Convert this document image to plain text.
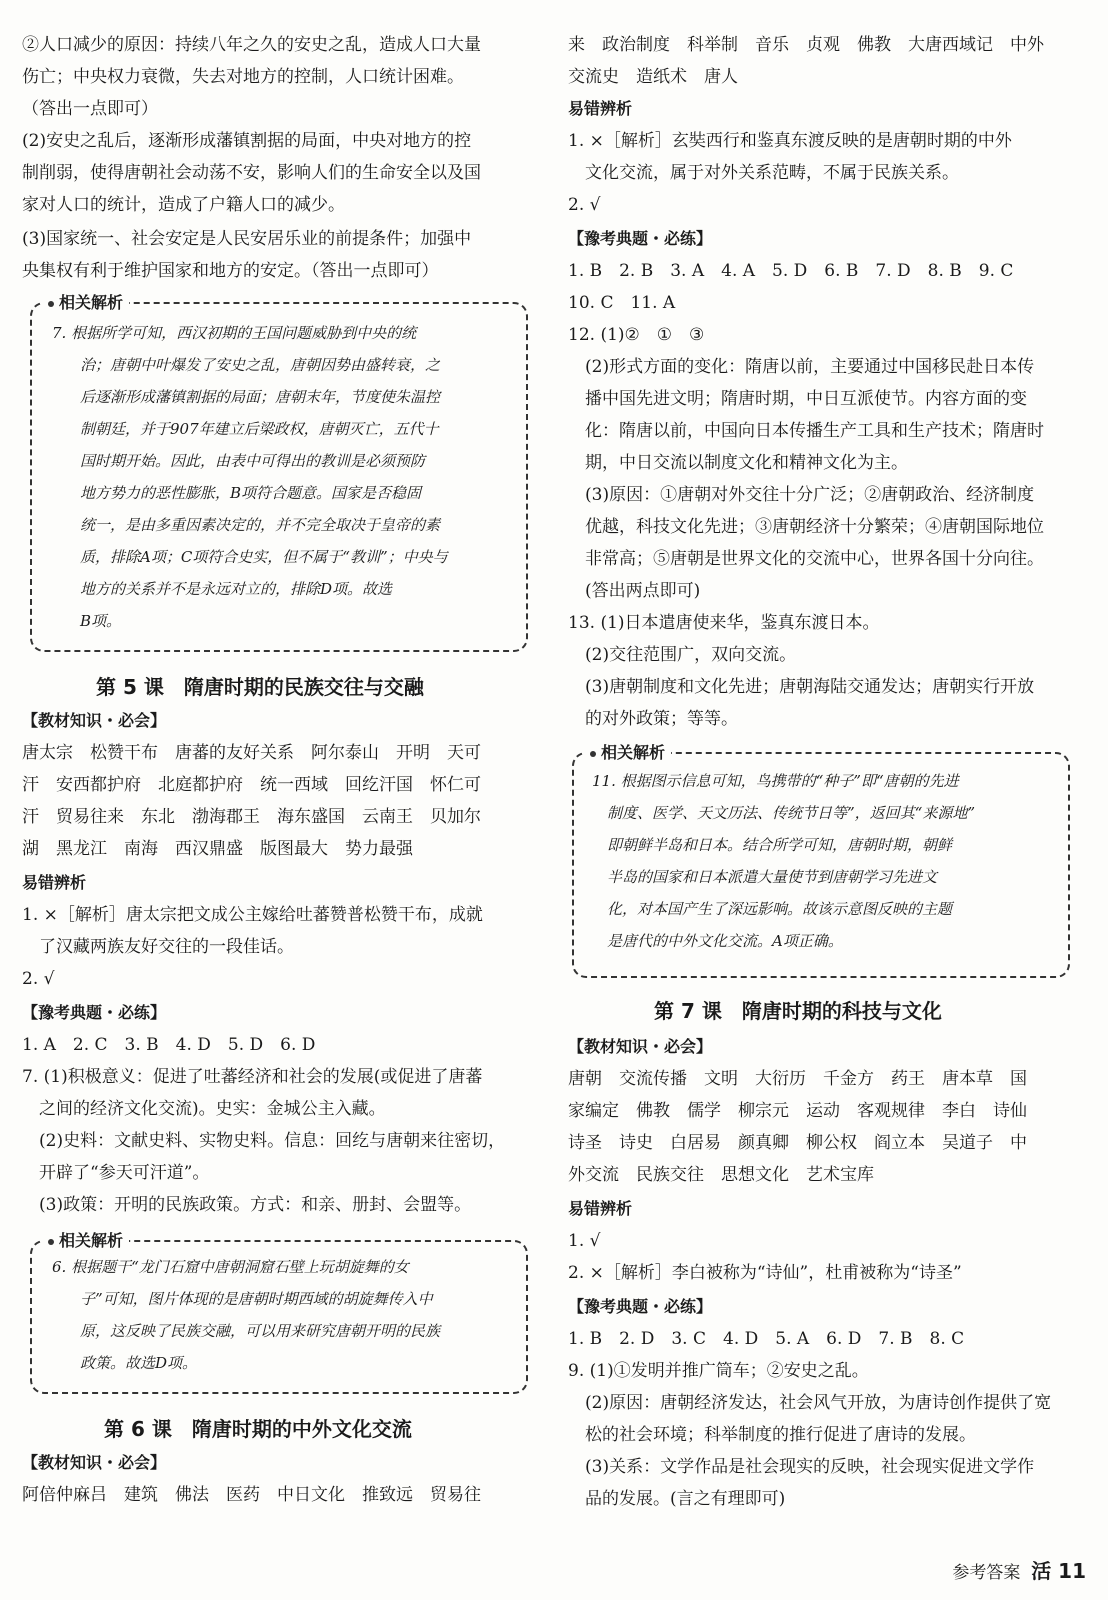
②人口减少的原因：持续八年之久的安史之乱，造成人口大量
伤亡；中央权力衰微，失去对地方的控制，人口统计困难。
（答出一点即可）
(2)安史之乱后，逐渐形成藩镇割据的局面，中央对地方的控
制削弱，使得唐朝社会动荡不安，影响人们的生命安全以及国
家对人口的统计，造成了户籍人口的减少。
(3)国家统一、社会安定是人民安居乐业的前提条件；加强中
央集权有利于维护国家和地方的安定。（答出一点即可）
相关解析
7. 根据所学可知，西汉初期的王国问题威胁到中央的统
治；唐朝中叶爆发了安史之乱，唐朝因势由盛转衰，之
后逐渐形成藩镇割据的局面；唐朝末年，节度使朱温控
制朝廷，并于907年建立后梁政权，唐朝灭亡，五代十
国时期开始。因此，由表中可得出的教训是必须预防
地方势力的恶性膨胀，B项符合题意。国家是否稳固
统一，是由多重因素决定的，并不完全取决于皇帝的素
质，排除A项；C项符合史实，但不属于“教训”；中央与
地方的关系并不是永远对立的，排除D项。故选
B项。
第 5 课　隋唐时期的民族交往与交融
【教材知识・必会】
唐太宗　松赞干布　唐蕃的友好关系　阿尔泰山　开明　天可
汗　安西都护府　北庭都护府　统一西域　回纥汗国　怀仁可
汗　贸易往来　东北　渤海郡王　海东盛国　云南王　贝加尔
湖　黑龙江　南海　西汉鼎盛　版图最大　势力最强
易错辨析
1. ×［解析］唐太宗把文成公主嫁给吐蕃赞普松赞干布，成就
　了汉藏两族友好交往的一段佳话。
2. √
【豫考典题・必练】
1. A　2. C　3. B　4. D　5. D　6. D
7. (1)积极意义：促进了吐蕃经济和社会的发展(或促进了唐蕃
　之间的经济文化交流)。史实：金城公主入藏。
　(2)史料：文献史料、实物史料。信息：回纥与唐朝来往密切，
　开辟了“参天可汗道”。
　(3)政策：开明的民族政策。方式：和亲、册封、会盟等。
相关解析
6. 根据题干“龙门石窟中唐朝洞窟石壁上玩胡旋舞的女
子”可知，图片体现的是唐朝时期西域的胡旋舞传入中
原，这反映了民族交融，可以用来研究唐朝开明的民族
政策。故选D项。
第 6 课　隋唐时期的中外文化交流
【教材知识・必会】
阿倍仲麻吕　建筑　佛法　医药　中日文化　推致远　贸易往
来　政治制度　科举制　音乐　贞观　佛教　大唐西域记　中外
交流史　造纸术　唐人
易错辨析
1. ×［解析］玄奘西行和鉴真东渡反映的是唐朝时期的中外
　文化交流，属于对外关系范畴，不属于民族关系。
2. √
【豫考典题・必练】
1. B　2. B　3. A　4. A　5. D　6. B　7. D　8. B　9. C
10. C　11. A
12. (1)②　①　③
　(2)形式方面的变化：隋唐以前，主要通过中国移民赴日本传
　播中国先进文明；隋唐时期，中日互派使节。内容方面的变
　化：隋唐以前，中国向日本传播生产工具和生产技术；隋唐时
　期，中日交流以制度文化和精神文化为主。
　(3)原因：①唐朝对外交往十分广泛；②唐朝政治、经济制度
　优越，科技文化先进；③唐朝经济十分繁荣；④唐朝国际地位
　非常高；⑤唐朝是世界文化的交流中心，世界各国十分向往。
　(答出两点即可)
13. (1)日本遣唐使来华，鉴真东渡日本。
　(2)交往范围广，双向交流。
　(3)唐朝制度和文化先进；唐朝海陆交通发达；唐朝实行开放
　的对外政策；等等。
相关解析
11. 根据图示信息可知，鸟携带的“种子”即“唐朝的先进
　制度、医学、天文历法、传统节日等”，返回其“来源地”
　即朝鲜半岛和日本。结合所学可知，唐朝时期，朝鲜
　半岛的国家和日本派遣大量使节到唐朝学习先进文
　化，对本国产生了深远影响。故该示意图反映的主题
　是唐代的中外文化交流。A项正确。
第 7 课　隋唐时期的科技与文化
【教材知识・必会】
唐朝　交流传播　文明　大衍历　千金方　药王　唐本草　国
家编定　佛教　儒学　柳宗元　运动　客观规律　李白　诗仙
诗圣　诗史　白居易　颜真卿　柳公权　阎立本　吴道子　中
外交流　民族交往　思想文化　艺术宝库
易错辨析
1. √
2. ×［解析］李白被称为“诗仙”，杜甫被称为“诗圣”
【豫考典题・必练】
1. B　2. D　3. C　4. D　5. A　6. D　7. B　8. C
9. (1)①发明并推广筒车；②安史之乱。
　(2)原因：唐朝经济发达，社会风气开放，为唐诗创作提供了宽
　松的社会环境；科举制度的推行促进了唐诗的发展。
　(3)关系：文学作品是社会现实的反映，社会现实促进文学作
　品的发展。(言之有理即可)
参考答案 活 11
